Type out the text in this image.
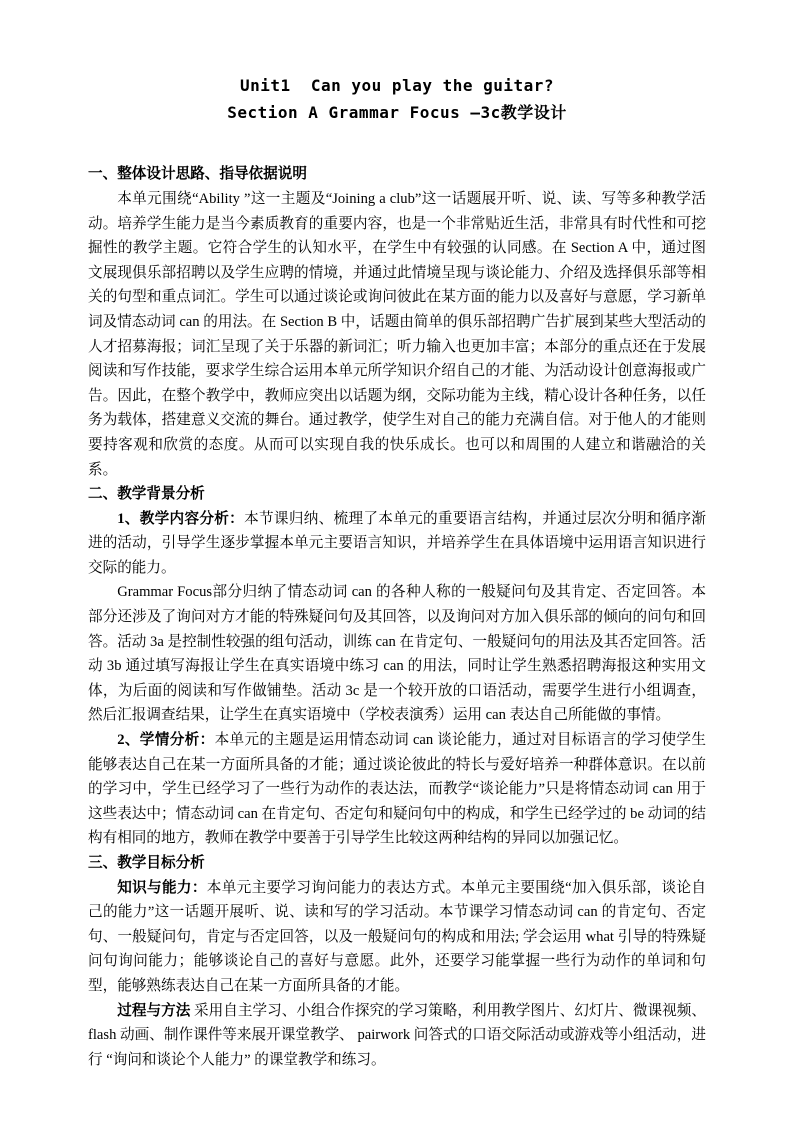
Unit1  Can you play the guitar?
Section A Grammar Focus —3c教学设计

一、整体设计思路、指导依据说明

本单元围绕“Ability ”这一主题及“Joining a club”这一话题展开听、说、读、写等多种教学活动。培养学生能力是当今素质教育的重要内容，也是一个非常贴近生活，非常具有时代性和可挖掘性的教学主题。它符合学生的认知水平，在学生中有较强的认同感。在 Section A 中，通过图文展现俱乐部招聘以及学生应聘的情境，并通过此情境呈现与谈论能力、介绍及选择俱乐部等相关的句型和重点词汇。学生可以通过谈论或询问彼此在某方面的能力以及喜好与意愿，学习新单词及情态动词 can 的用法。在 Section B 中，话题由简单的俱乐部招聘广告扩展到某些大型活动的人才招募海报；词汇呈现了关于乐器的新词汇；听力输入也更加丰富；本部分的重点还在于发展阅读和写作技能，要求学生综合运用本单元所学知识介绍自己的才能、为活动设计创意海报或广告。因此，在整个教学中，教师应突出以话题为纲，交际功能为主线，精心设计各种任务，以任务为载体，搭建意义交流的舞台。通过教学，使学生对自己的能力充满自信。对于他人的才能则要持客观和欣赏的态度。从而可以实现自我的快乐成长。也可以和周围的人建立和谐融洽的关系。

二、教学背景分析

1、教学内容分析：本节课归纳、梳理了本单元的重要语言结构，并通过层次分明和循序渐进的活动，引导学生逐步掌握本单元主要语言知识，并培养学生在具体语境中运用语言知识进行交际的能力。

Grammar Focus部分归纳了情态动词 can 的各种人称的一般疑问句及其肯定、否定回答。本部分还涉及了询问对方才能的特殊疑问句及其回答，以及询问对方加入俱乐部的倾向的问句和回答。活动 3a 是控制性较强的组句活动，训练 can 在肯定句、一般疑问句的用法及其否定回答。活动 3b 通过填写海报让学生在真实语境中练习 can 的用法，同时让学生熟悉招聘海报这种实用文体，为后面的阅读和写作做铺垫。活动 3c 是一个较开放的口语活动，需要学生进行小组调查，然后汇报调查结果，让学生在真实语境中（学校表演秀）运用 can 表达自己所能做的事情。

2、学情分析：本单元的主题是运用情态动词 can 谈论能力，通过对目标语言的学习使学生能够表达自己在某一方面所具备的才能；通过谈论彼此的特长与爱好培养一种群体意识。在以前的学习中，学生已经学习了一些行为动作的表达法，而教学“谈论能力”只是将情态动词 can 用于这些表达中；情态动词 can 在肯定句、否定句和疑问句中的构成，和学生已经学过的 be 动词的结构有相同的地方，教师在教学中要善于引导学生比较这两种结构的异同以加强记忆。

三、教学目标分析

知识与能力：本单元主要学习询问能力的表达方式。本单元主要围绕“加入俱乐部，谈论自己的能力”这一话题开展听、说、读和写的学习活动。本节课学习情态动词 can 的肯定句、否定句、一般疑问句，肯定与否定回答，以及一般疑问句的构成和用法; 学会运用 what 引导的特殊疑问句询问能力；能够谈论自己的喜好与意愿。此外，还要学习能掌握一些行为动作的单词和句型，能够熟练表达自己在某一方面所具备的才能。

过程与方法 采用自主学习、小组合作探究的学习策略，利用教学图片、幻灯片、微课视频、flash 动画、制作课件等来展开课堂教学、 pairwork 问答式的口语交际活动或游戏等小组活动，进行 “询问和谈论个人能力” 的课堂教学和练习。
